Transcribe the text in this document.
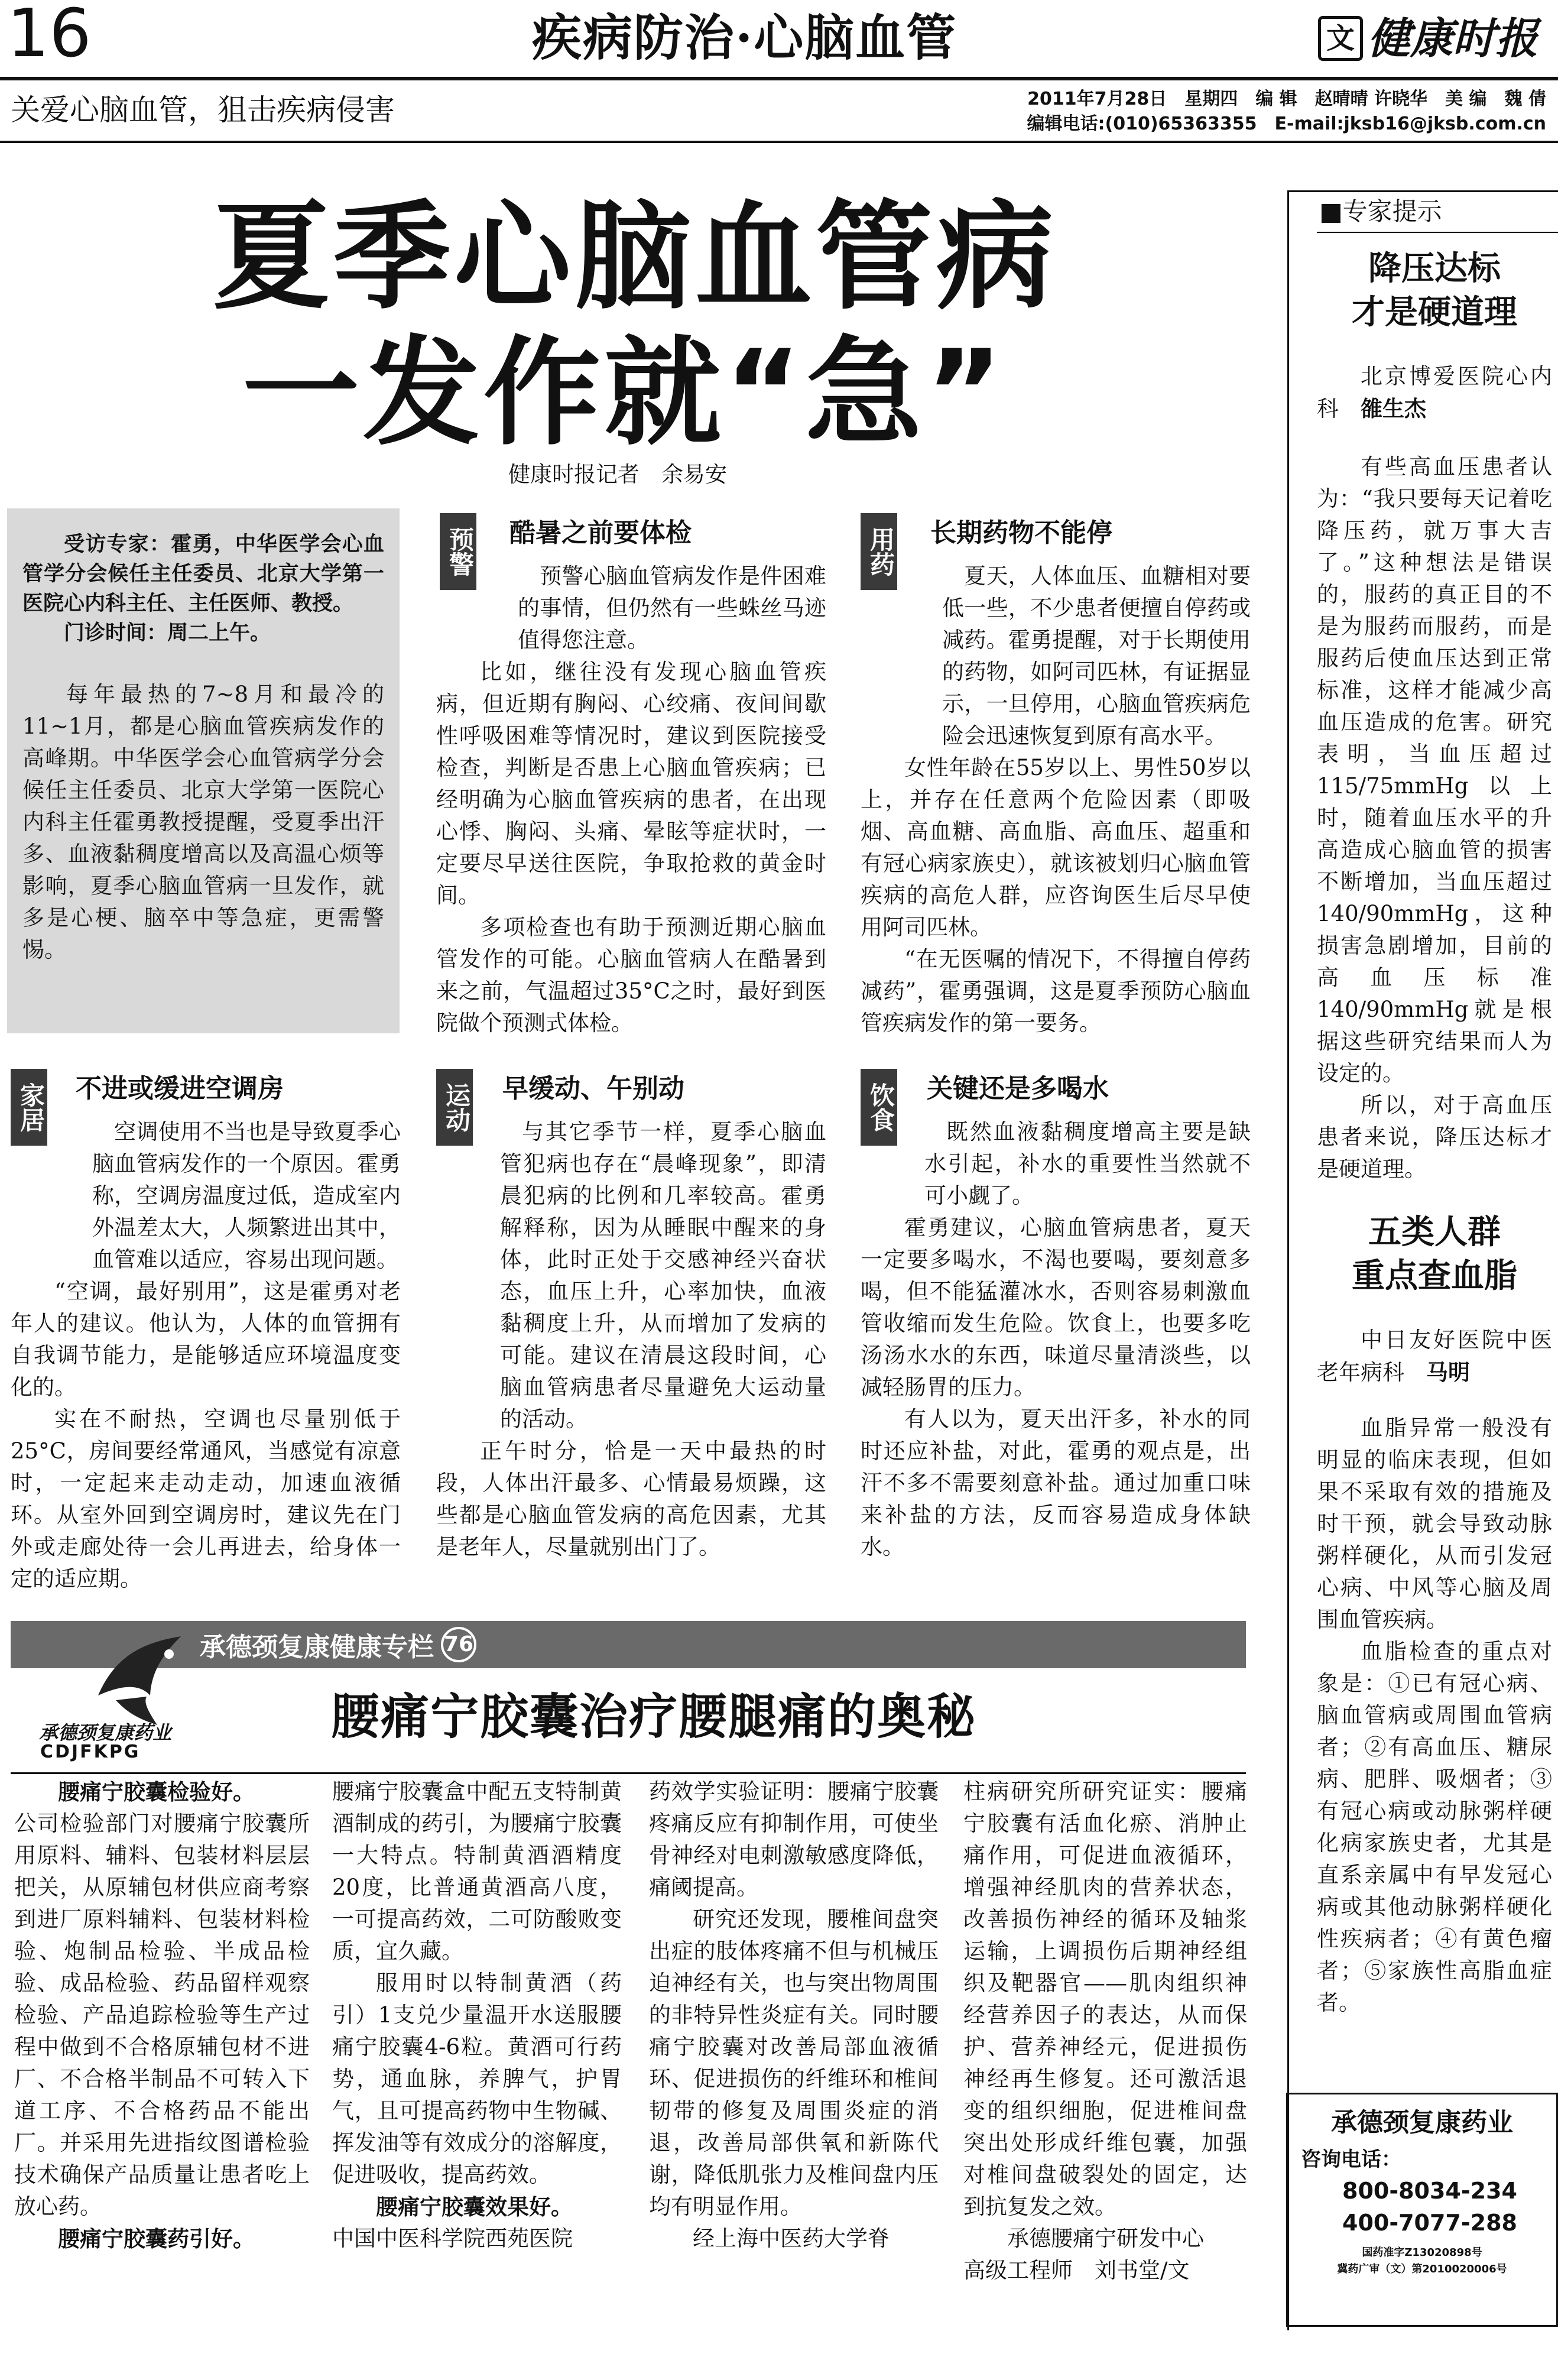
16	疾病防治·心脑血管	文 健康时报
关爱心脑血管，狙击疾病侵害	2011年7月28日　星期四　编 辑　赵晴晴 许晓华　美 编　魏 倩
编辑电话:(010)65363355　E-mail:jksb16@jksb.com.cn
夏季心脑血管病
一发作就“急”
健康时报记者　余易安

受访专家：霍勇，中华医学会心血管学分会候任主任委员、北京大学第一医院心内科主任、主任医师、教授。

门诊时间：周二上午。

每年最热的7~8月和最冷的11~1月，都是心脑血管疾病发作的高峰期。中华医学会心血管病学分会候任主任委员、北京大学第一医院心内科主任霍勇教授提醒，受夏季出汗多、血液黏稠度增高以及高温心烦等影响，夏季心脑血管病一旦发作，就多是心梗、脑卒中等急症，更需警惕。

预警 酷暑之前要体检

预警心脑血管病发作是件困难的事情，但仍然有一些蛛丝马迹值得您注意。

比如，继往没有发现心脑血管疾病，但近期有胸闷、心绞痛、夜间间歇性呼吸困难等情况时，建议到医院接受检查，判断是否患上心脑血管疾病；已经明确为心脑血管疾病的患者，在出现心悸、胸闷、头痛、晕眩等症状时，一定要尽早送往医院，争取抢救的黄金时间。

多项检查也有助于预测近期心脑血管发作的可能。心脑血管病人在酷暑到来之前，气温超过35°C之时，最好到医院做个预测式体检。

用药 长期药物不能停

夏天，人体血压、血糖相对要低一些，不少患者便擅自停药或减药。霍勇提醒，对于长期使用的药物，如阿司匹林，有证据显示，一旦停用，心脑血管疾病危险会迅速恢复到原有高水平。

女性年龄在55岁以上、男性50岁以上，并存在任意两个危险因素（即吸烟、高血糖、高血脂、高血压、超重和有冠心病家族史），就该被划归心脑血管疾病的高危人群，应咨询医生后尽早使用阿司匹林。

“在无医嘱的情况下，不得擅自停药减药”，霍勇强调，这是夏季预防心脑血管疾病发作的第一要务。

家居 不进或缓进空调房

空调使用不当也是导致夏季心脑血管病发作的一个原因。霍勇称，空调房温度过低，造成室内外温差太大，人频繁进出其中，血管难以适应，容易出现问题。

“空调，最好别用”，这是霍勇对老年人的建议。他认为，人体的血管拥有自我调节能力，是能够适应环境温度变化的。

实在不耐热，空调也尽量别低于25°C，房间要经常通风，当感觉有凉意时，一定起来走动走动，加速血液循环。从室外回到空调房时，建议先在门外或走廊处待一会儿再进去，给身体一定的适应期。

运动 早缓动、午别动

与其它季节一样，夏季心脑血管犯病也存在“晨峰现象”，即清晨犯病的比例和几率较高。霍勇解释称，因为从睡眠中醒来的身体，此时正处于交感神经兴奋状态，血压上升，心率加快，血液黏稠度上升，从而增加了发病的可能。建议在清晨这段时间，心脑血管病患者尽量避免大运动量的活动。

正午时分，恰是一天中最热的时段，人体出汗最多、心情最易烦躁，这些都是心脑血管发病的高危因素，尤其是老年人，尽量就别出门了。

饮食 关键还是多喝水

既然血液黏稠度增高主要是缺水引起，补水的重要性当然就不可小觑了。

霍勇建议，心脑血管病患者，夏天一定要多喝水，不渴也要喝，要刻意多喝，但不能猛灌冰水，否则容易刺激血管收缩而发生危险。饮食上，也要多吃汤汤水水的东西，味道尽量清淡些，以减轻肠胃的压力。

有人以为，夏天出汗多，补水的同时还应补盐，对此，霍勇的观点是，出汗不多不需要刻意补盐。通过加重口味来补盐的方法，反而容易造成身体缺水。

承德颈复康健康专栏 76
承德颈复康药业
CDJFKPG
腰痛宁胶囊治疗腰腿痛的奥秘

腰痛宁胶囊检验好。

公司检验部门对腰痛宁胶囊所用原料、辅料、包装材料层层把关，从原辅包材供应商考察到进厂原料辅料、包装材料检验、炮制品检验、半成品检验、成品检验、药品留样观察检验、产品追踪检验等生产过程中做到不合格原辅包材不进厂、不合格半制品不可转入下道工序、不合格药品不能出厂。并采用先进指纹图谱检验技术确保产品质量让患者吃上放心药。

腰痛宁胶囊药引好。

腰痛宁胶囊盒中配五支特制黄酒制成的药引，为腰痛宁胶囊一大特点。特制黄酒酒精度20度，比普通黄酒高八度，一可提高药效，二可防酸败变质，宜久藏。

服用时以特制黄酒（药引）1支兑少量温开水送服腰痛宁胶囊4-6粒。黄酒可行药势，通血脉，养脾气，护胃气，且可提高药物中生物碱、挥发油等有效成分的溶解度，促进吸收，提高药效。

腰痛宁胶囊效果好。

中国中医科学院西苑医院

药效学实验证明：腰痛宁胶囊疼痛反应有抑制作用，可使坐骨神经对电刺激敏感度降低，痛阈提高。

研究还发现，腰椎间盘突出症的肢体疼痛不但与机械压迫神经有关，也与突出物周围的非特异性炎症有关。同时腰痛宁胶囊对改善局部血液循环、促进损伤的纤维环和椎间韧带的修复及周围炎症的消退，改善局部供氧和新陈代谢，降低肌张力及椎间盘内压均有明显作用。

经上海中医药大学脊

柱病研究所研究证实：腰痛宁胶囊有活血化瘀、消肿止痛作用，可促进血液循环，增强神经肌肉的营养状态，改善损伤神经的循环及轴浆运输，上调损伤后期神经组织及靶器官——肌肉组织神经营养因子的表达，从而保护、营养神经元，促进损伤神经再生修复。还可激活退变的组织细胞，促进椎间盘突出处形成纤维包囊，加强对椎间盘破裂处的固定，达到抗复发之效。

承德腰痛宁研发中心

高级工程师　刘书堂/文

■专家提示
降压达标
才是硬道理

北京博爱医院心内科　 雒生杰

有些高血压患者认为：“我只要每天记着吃降压药，就万事大吉了。”这种想法是错误的，服药的真正目的不是为服药而服药，而是服药后使血压达到正常标准，这样才能减少高血压造成的危害。研究表明，当血压超过115/75mmHg以上时，随着血压水平的升高造成心脑血管的损害不断增加，当血压超过140/90mmHg，这种损害急剧增加，目前的高血压标准140/90mmHg就是根据这些研究结果而人为设定的。

所以，对于高血压患者来说，降压达标才是硬道理。

五类人群
重点查血脂

中日友好医院中医老年病科　 马明

血脂异常一般没有明显的临床表现，但如果不采取有效的措施及时干预，就会导致动脉粥样硬化，从而引发冠心病、中风等心脑及周围血管疾病。

血脂检查的重点对象是：①已有冠心病、脑血管病或周围血管病者；②有高血压、糖尿病、肥胖、吸烟者；③有冠心病或动脉粥样硬化病家族史者，尤其是直系亲属中有早发冠心病或其他动脉粥样硬化性疾病者；④有黄色瘤者；⑤家族性高脂血症者。

承德颈复康药业
咨询电话：
800-8034-234
400-7077-288
国药准字Z13020898号
冀药广审（文）第2010020006号
